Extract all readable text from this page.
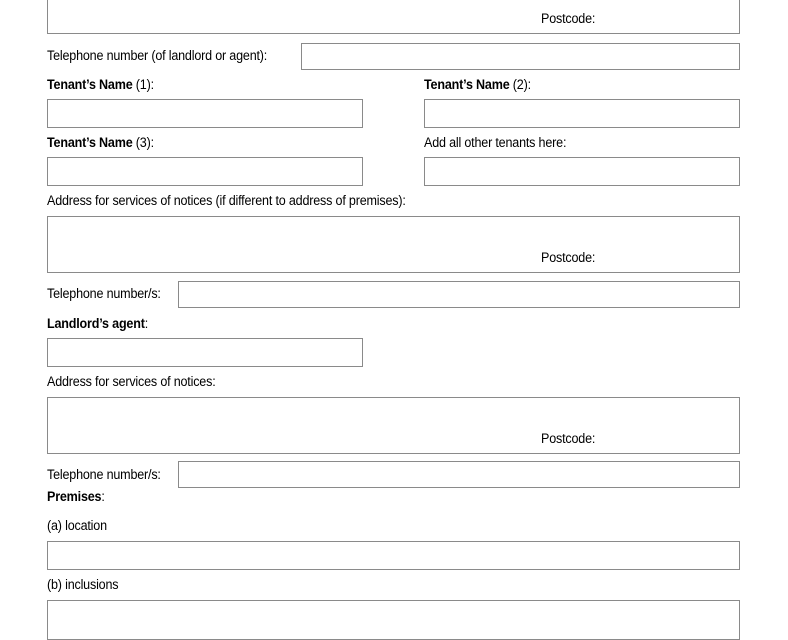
Postcode:
Telephone number (of landlord or agent):
Tenant’s Name (1):	Tenant’s Name (2):
Tenant’s Name (3):	Add all other tenants here:
Address for services of notices (if different to address of premises):
Postcode:
Telephone number/s:
Landlord’s agent:
Address for services of notices:
Postcode:
Telephone number/s:
Premises:
(a) location
(b) inclusions
